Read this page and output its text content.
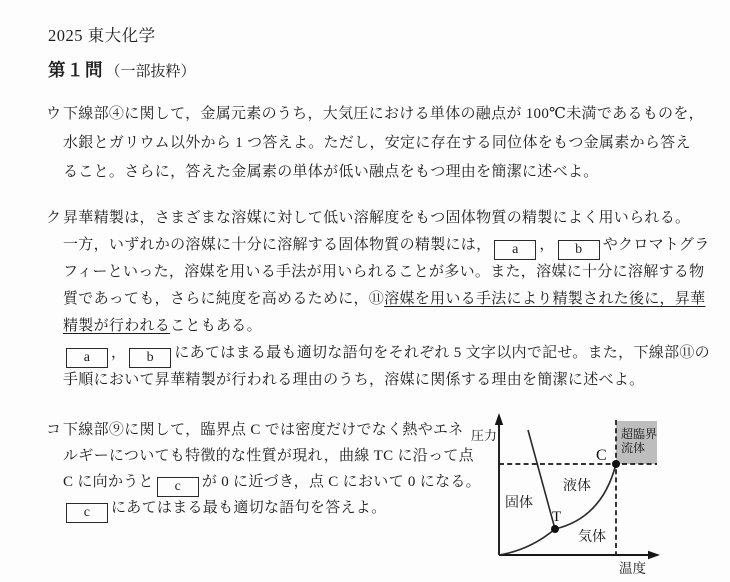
2025 東大化学
第１問 （一部抜粋）
ウ 下線部④に関して，金属元素のうち，大気圧における単体の融点が 100℃未満であるものを，
水銀とガリウム以外から 1 つ答えよ。ただし，安定に存在する同位体をもつ金属素から答え
ること。さらに，答えた金属素の単体が低い融点をもつ理由を簡潔に述べよ。
ク 昇華精製は，さまざまな溶媒に対して低い溶解度をもつ固体物質の精製によく用いられる。
一方，いずれかの溶媒に十分に溶解する固体物質の精製には， a ， b やクロマトグラ
フィーといった，溶媒を用いる手法が用いられることが多い。また，溶媒に十分に溶解する物
質であっても，さらに純度を高めるために，⑪溶媒を用いる手法により精製された後に，昇華
精製が行われることもある。
a ， b にあてはまる最も適切な語句をそれぞれ 5 文字以内で記せ。また，下線部⑪の
手順において昇華精製が行われる理由のうち，溶媒に関係する理由を簡潔に述べよ。
コ 下線部⑨に関して，臨界点 C では密度だけでなく熱やエネ
ルギーについても特徴的な性質が現れ，曲線 TC に沿って点
C に向かうと c が 0 に近づき，点 C において 0 になる。
c にあてはまる最も適切な語句を答えよ。
圧力
温度
固体
液体
気体
超臨界
流体
C
T
